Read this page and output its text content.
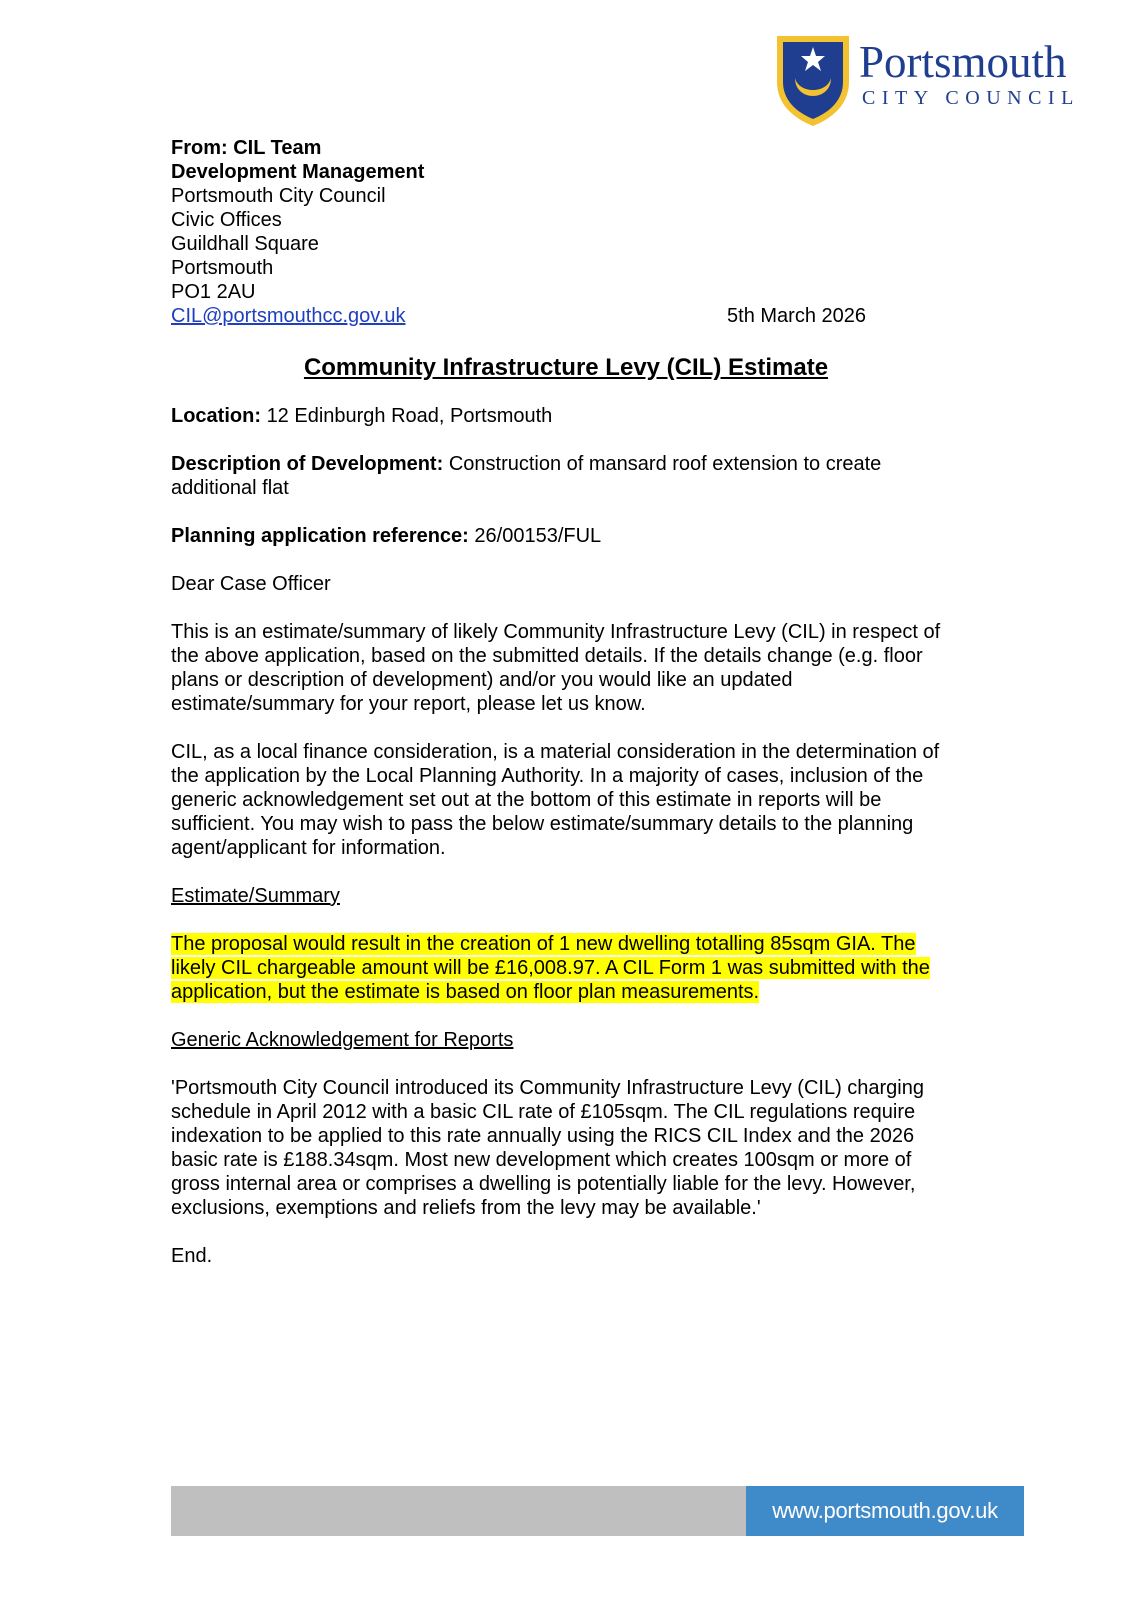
Portsmouth
CITY COUNCIL
From: CIL Team
Development Management
Portsmouth City Council
Civic Offices
Guildhall Square
Portsmouth
PO1 2AU
CIL@portsmouthcc.gov.uk	5th March 2026
Community Infrastructure Levy (CIL) Estimate

Location: 12 Edinburgh Road, Portsmouth

Description of Development: Construction of mansard roof extension to create additional flat

Planning application reference: 26/00153/FUL

Dear Case Officer

This is an estimate/summary of likely Community Infrastructure Levy (CIL) in respect of the above application, based on the submitted details. If the details change (e.g. floor plans or description of development) and/or you would like an updated estimate/summary for your report, please let us know.

CIL, as a local finance consideration, is a material consideration in the determination of the application by the Local Planning Authority. In a majority of cases, inclusion of the generic acknowledgement set out at the bottom of this estimate in reports will be sufficient. You may wish to pass the below estimate/summary details to the planning agent/applicant for information.

Estimate/Summary

The proposal would result in the creation of 1 new dwelling totalling 85sqm GIA. The likely CIL chargeable amount will be £16,008.97. A CIL Form 1 was submitted with the application, but the estimate is based on floor plan measurements.

Generic Acknowledgement for Reports

'Portsmouth City Council introduced its Community Infrastructure Levy (CIL) charging schedule in April 2012 with a basic CIL rate of £105sqm. The CIL regulations require indexation to be applied to this rate annually using the RICS CIL Index and the 2026 basic rate is £188.34sqm. Most new development which creates 100sqm or more of gross internal area or comprises a dwelling is potentially liable for the levy. However, exclusions, exemptions and reliefs from the levy may be available.'

End.

www.portsmouth.gov.uk
